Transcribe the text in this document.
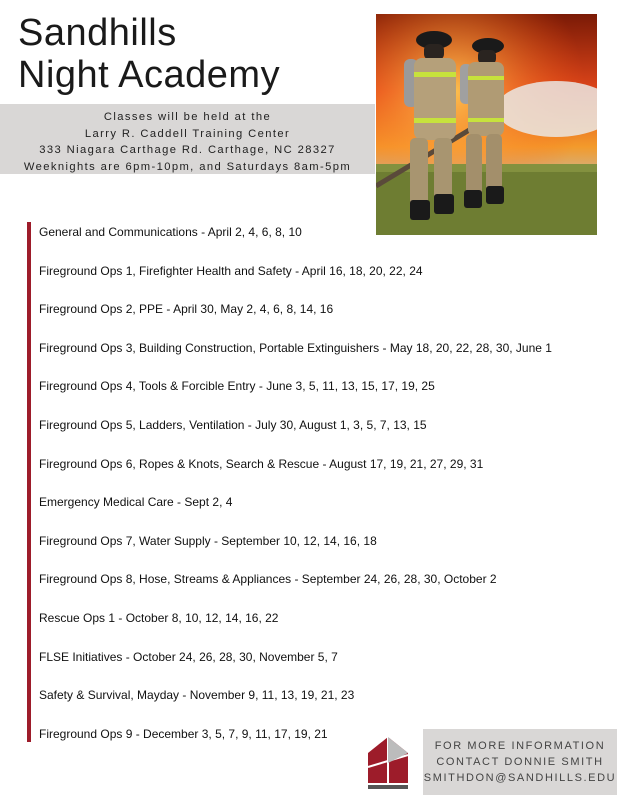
Sandhills
Night Academy
Classes will be held at the
Larry R. Caddell Training Center
333 Niagara Carthage Rd. Carthage, NC 28327
Weeknights are 6pm-10pm, and Saturdays 8am-5pm
General and Communications - April 2, 4, 6, 8, 10
Fireground Ops 1, Firefighter Health and Safety - April 16, 18, 20, 22, 24
Fireground Ops 2, PPE - April 30, May 2, 4, 6, 8, 14, 16
Fireground Ops 3, Building Construction, Portable Extinguishers - May 18, 20, 22, 28, 30, June 1
Fireground Ops 4, Tools & Forcible Entry - June 3, 5, 11, 13, 15, 17, 19, 25
Fireground Ops 5, Ladders, Ventilation - July 30, August 1, 3, 5, 7, 13, 15
Fireground Ops 6, Ropes & Knots, Search & Rescue - August 17, 19, 21, 27, 29, 31
Emergency Medical Care - Sept 2, 4
Fireground Ops 7, Water Supply - September 10, 12, 14, 16, 18
Fireground Ops 8, Hose, Streams & Appliances - September 24, 26, 28, 30, October 2
Rescue Ops 1 - October 8, 10, 12, 14, 16, 22
FLSE Initiatives - October 24, 26, 28, 30, November 5, 7
Safety & Survival, Mayday - November 9, 11, 13, 19, 21, 23
Fireground Ops 9 - December 3, 5, 7, 9, 11, 17, 19, 21
FOR MORE INFORMATION
CONTACT DONNIE SMITH
SMITHDON@SANDHILLS.EDU
